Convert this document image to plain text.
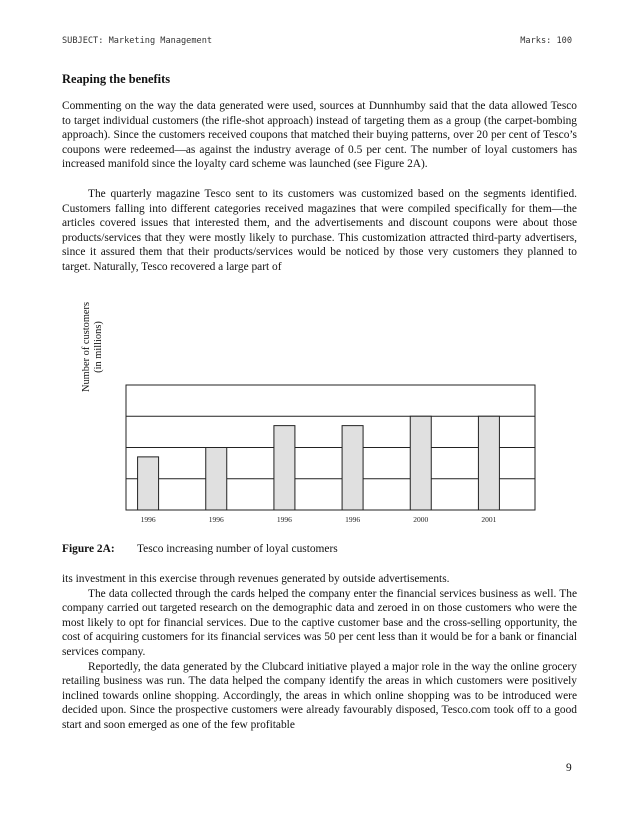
SUBJECT: Marketing Management	Marks: 100
Reaping the benefits

Commenting on the way the data generated were used, sources at Dunnhumby said that the data allowed Tesco to target individual customers (the rifle-shot approach) instead of targeting them as a group (the carpet-bombing approach). Since the customers received coupons that matched their buying patterns, over 20 per cent of Tesco’s coupons were redeemed—as against the industry average of 0.5 per cent. The number of loyal customers has increased manifold since the loyalty card scheme was launched (see Figure 2A).

The quarterly magazine Tesco sent to its customers was customized based on the segments identified. Customers falling into different categories received magazines that were compiled specifically for them—the articles covered issues that interested them, and the advertisements and discount coupons were about those products/services that they were mostly likely to purchase. This customization attracted third-party advertisers, since it assured them that their products/services would be noticed by those very customers they planned to target. Naturally, Tesco recovered a large part of

Number of customers (in millions)
1996	1996	1996	1996	2000	2001
Figure 2A: Tesco increasing number of loyal customers

its investment in this exercise through revenues generated by outside advertisements.

The data collected through the cards helped the company enter the financial services business as well. The company carried out targeted research on the demographic data and zeroed in on those customers who were the most likely to opt for financial services. Due to the captive customer base and the cross-selling opportunity, the cost of acquiring customers for its financial services was 50 per cent less than it would be for a bank or financial services company.

Reportedly, the data generated by the Clubcard initiative played a major role in the way the online grocery retailing business was run. The data helped the company identify the areas in which customers were positively inclined towards online shopping. Accordingly, the areas in which online shopping was to be introduced were decided upon. Since the prospective customers were already favourably disposed, Tesco.com took off to a good start and soon emerged as one of the few profitable

9
